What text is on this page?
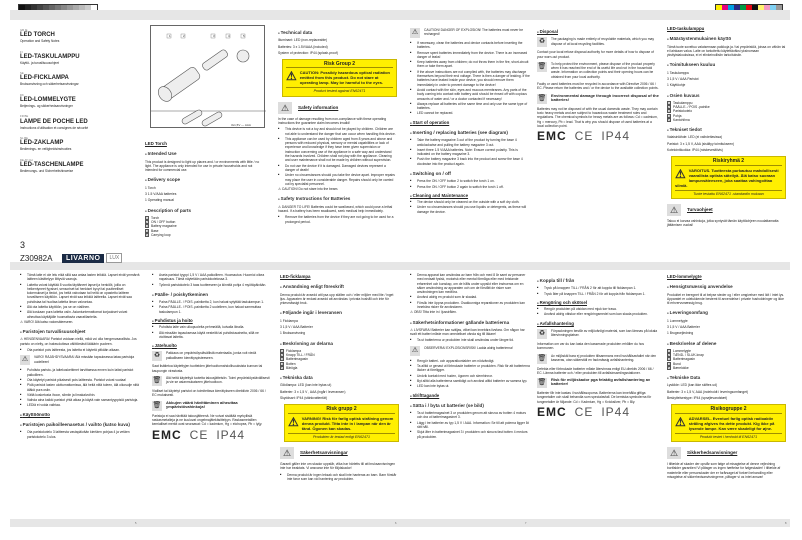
GB IE
LED TORCH
Operation and Safety Notes
FI
LED-TASKULAMPPU
Käyttö- ja turvallisuusohjeet
SE
LED-FICKLAMPA
Bruksanvisning och säkerhetsanvisningar
DK
LED-LOMMELYGTE
Betjenings- og sikkerhedsanvisninger
FR BE
LAMPE DE POCHE LED
Instructions d'utilisation et consignes de sécurité
NL BE
LED-ZAKLAMP
Bedienings- en veiligheidsinstructies
DE AT CH
LED-TASCHENLAMPE
Bedienungs- und Sicherheitshinweise
1	2	3	4	5
3x1,5V — AAA
3
Z30982A	LIVARNO	LUX
LED Torch
● Intended Use

This product is designed to light up places and / or environments with little / no light. The appliance is only intended for use in private households and not intended for commercial use.

● Delivery scope

1 Torch

3 1.5 V/AAA batteries

1 Operating manual

● Description of parts
1 Torch
2 ON / OFF button
3 Battery magazine
4 Base
5 Carrying loop
● Technical data

Illuminant: LED (non-replaceable)

Batteries: 3 x 1.5V/AAA (included)

System of protection: IP44 (splash-proof)

Risk Group 2
⚠ CAUTION: Possibly hazardous optical radiation emitted from this product. Do not stare at operating lamp. May be harmful to the eyes.
Product tested against EN62471
⚠	Safety information

In the case of damage resulting from non-compliance with these operating instructions the guarantee claim becomes invalid!

■ This device is not a toy and should not be played by children. Children are not able to understand the danger that can occur when handling this device.
■ This appliance can be used by children aged from 8 years and above and persons with reduced physical, sensory or mental capabilities or lack of experience and knowledge if they have been given supervision or instruction concerning use of the appliance in a safe way and understand the hazards involved. Children shall not play with the appliance. Cleaning and user maintenance shall not be made by children without supervision.
■ Do not use the device if it is damaged. Damaged devices represent a danger of death!
■ Under no circumstances should you take the device apart. Improper repairs may place the user in considerable danger. Repairs should only be carried out by specialist personnel.

⚠ CAUTION! Do not stare into the beam.

● Safety Instructions for Batteries

⚠ DANGER TO LIFE! Batteries could be swallowed, which could pose a lethal hazard. If a battery has been swallowed, seek medical help immediately.

■ Remove the batteries from the device if they are not going to be used for a prolonged period.
⚠	CAUTION! DANGER OF EXPLOSION! The batteries must never be recharged!
■ If necessary, clean the batteries and device contacts before inserting the batteries.
■ Remove spent batteries immediately from the device. There is an increased danger of leaks!
■ Keep batteries away from children; do not throw them in the fire, short-circuit them or take them apart.
■ If the above instructions are not complied with, the batteries may discharge themselves beyond their end voltage. There is then a danger of leaking. If the batteries have leaked inside your device, you should remove them immediately in order to prevent damage to the device!
■ Avoid contact with the skin, eyes and mucous membranes. Any parts of the body coming into contact with battery acid should be rinsed off with copious amounts of water and / or a doctor contacted if necessary!
■ Always replace all batteries at the same time and only use the same type of batteries.
■ LED cannot be replaced.
● Start of operation
● Inserting / replacing batteries (see diagram)
■ Take the battery magazine 3 out of the product by turning the base 4 anticlockwise and pulling the battery magazine 3 out.
■ Insert three 1.5 V/AAA batteries. Note: Ensure correct polarity. This is indicated on the battery magazine 3.
■ Push the battery magazine 3 back into the product and screw the base 4 clockwise into the product again.
● Switching on / off
■ Press the ON / OFF button 2 to switch the torch 1 on.
■ Press the ON / OFF button 2 again to switch the torch 1 off.
● Cleaning and Maintenance
■ The device should only be cleaned on the outside with a soft dry cloth.
■ Under no circumstances should you use liquids or detergents, as these will damage the device.
● Disposal
♻	The packaging is made entirely of recyclable materials, which you may dispose of at local recycling facilities.

Contact your local refuse disposal authority for more details of how to dispose of your worn-out product.

🗑 To help protect the environment, please dispose of the product properly when it has reached the end of its useful life and not in the household waste. Information on collection points and their opening hours can be obtained from your local authority.

Faulty or used batteries must be recycled in accordance with Directive 2006 / 66 / EC. Please return the batteries and / or the device to the available collection points.

🗑 Environmental damage through incorrect disposal of the batteries!

Batteries may not be disposed of with the usual domestic waste. They may contain toxic heavy metals and are subject to hazardous waste treatment rules and regulations. The chemical symbols for heavy metals are as follows: Cd = cadmium, Hg = mercury, Pb = lead. That is why you should dispose of used batteries at a local collection point.

EMC CE IP44
LED-taskulamppu
● Määräystenmukainen käyttö

Tämä tuote soveltuu valaisemaan paikkoja ja / tai ympäristöä, joissa on vähän tai ei lainkaan valoa. Laite on tarkoitettu käytettäväksi yksinomaan yksityistalouksissa, ei ei elinkeinollisiin tarkoituksiin.

● Toimitukseen kuuluu

1 Taskulamppu

3 1,5 V / AAA Paristot

1 Käyttöohje

● Osien kuvaus
1 Taskulamppu
2 PÄÄLLE- / POIS -painike
3 Paristokotelo
4 Pohja
5 Kantohihna
● Tekniset tiedot

Valaisinlähde: LED (ei vaihdettavissa)

Paristot: 3 x 1,5 V, AAA (sisältyy toimitukseen)

Kotelointiluokka: IP44 (roiskevesitiivis)

Riskiryhmä 2
⚠ VAROITUS. Tuotteesta purkautuu mahdollisesti vaarallista optista säteilyä. Älä katso suoraan lampunsäteeseen, joka saattaa vahingoittaa silmiä.
Tuote testattu EN62471 -standardin mukaan
⚠	Turvaohjeet

Takuu ei korvaa vahinkoja, jotka syntyvät tämän käyttöohjeen noudattamatta jättämisen vuoksi!

■ Tämä laite ei ole lelu eikä sillä saa antaa lasten leikkiä. Lapset eivät ymmärrä laitteen käsittelyyn liittyviä vaaroja.
■ Laitetta voivat käyttää 8 vuotta täyttäneet lapset ja henkilöt, joilla on heikentyneet fyysiset, sensoriset tai henkiset kyvyt tai puutteelliset kokemukset ja tiedot, jos heitä valvotaan tai heitä on opastettu laitteen turvalliseen käyttöön. Lapset eivät saa leikkiä laitteella. Lapset eivät saa puhdistaa tai huoltaa laitetta ilman valvontaa.
■ Älä ota laitetta käyttöön, jos se on viallinen.
■ Älä koskaan pura laitetta osiin. Asiantuntemattomat korjaukset voivat aiheuttaa käyttäjälle huomattavia vaaratilanteita.

⚠ VARO! Älä katso valonsäteeseen.

● Paristojen turvallisuusohjeet

⚠ HENGENVAARA! Paristot voidaan niellä, mikä voi olla hengenvaarallista. Jos paristo on nielty, on hakeuduttava välittömästi lääkärin puoleen.

■ Ota paristot pois laitteesta, jos laitetta ei käytetä pitkään aikaan.
⚠	VARO! RÄJÄHDYSVAARA! Älä missään tapauksessa lataa paristoja uudelleen!
■ Puhdista paristo- ja laitekoskettimet tarvittaessa ennen kuin laitat paristot paikoilleen.
■ Ota käytetyt paristot pikaisesti pois laitteesta. Paristot voivat vuotaa!
■ Pidä paristot lasten ulottumattomissa, älä heitä niitä tuleen, älä oikosulje niitä äläkä pura osiin.
■ Vältä kosketusta ihoon, silmiin ja limakalvoihin.
■ Vaihda aina kaikki paristot yhtä aikaa ja käytä vain samantyyppisiä paristoja.
■ LEDiä ei voida vaihtaa.
● Käyttöönotto
● Paristojen paikoilleenasetus / vaihto (katso kuva)
■ Ota paristokotelo 3 laitteesta vastapäivään kiertäen pohjaa 4 ja vetäen paristokotelo 3 ulos.
■ Aseta paristot tyyppi 1,5 V / AAA paikoilleen. Huomautus: Huomioi oikea napaisuus. Tämä näytetään paristokotelossa 3.
■ Työnnä paristokotelo 3 taas tuotteeseen ja kiinnitä pohja 4 myötäpäivään.
● Päälle- / poiskytkeminen
■ Paina PÄÄLLE- / POIS -painiketta 2, kun haluat sytyttää taskulampun 1.
■ Paina PÄÄLLE- / POIS -painiketta 2 uudelleen, kun haluat sammuttaa taskulampun 1.
● Puhdistus ja hoito
■ Puhdista laite vain ulkopuolelta pehmeällä, kuivalla liinalla.
■ Älä missään tapauksessa käytä nesteitä tai puhdistusaineita, sillä ne vioittavat laitetta.
● Jätehuolto
♻	Pakkaus on ympäristöystävällistä materiaalia, jonka voit viedä paikalliseen kierrätyspisteeseen.

Saat lisätietoa käytettyjen tuotteiden jätehuoltomahdollisuuksista kunnan tai kaupungin virastosta.

🗑 Älä heitä käytettyä tuotetta talousjätteisiin. Toimi ympäristöystävällisesti ja vie se asianmukaiseen jätehuoltoon.

Vialliset tai käytetyt paristot on toimitettava kierrätykseen direktiivin 2006 / 66 / EC mukaisesti.

🗑 Akkujen väärä hävittäminen aiheuttaa ympäristövahinkoja!

Paristoja ei saa hävittää talousjätteenä. Ne voivat sisältää myrkyllisiä raskasmetalleja ja ne kuuluvat ongelmajätekäsittelyyn. Raskasmetallien kemialliset merkit ovat seuraavat: Cd = kadmium, Hg = elohopea, Pb = lyijy.

EMC CE IP44
LED-ficklampa
● Användning enligt föreskrift

Denna produkt är avsedd att lysa upp ställen och / eller miljöer med lite / inget ljus. Apparaten är endast avsedd att användas i privata hushåll och inte för yrkesmässigt bruk.

● Följande ingår i leveransen

1 Ficklampa

3 1,5 V / AAA Batterier

1 Bruksanvisning

● Beskrivning av delarna
1 Ficklampa
2 Knapp TILL / FRÅN
3 Batterimagasin
4 Botten
5 Bärögla
● Tekniska data

Glödlampa: LED (kan inte bytas ut)

Batterier: 3 x 1,5 V , AAA (ingår i leveransen)

Skyddsart: IP44 (stänkvattentät)

Risk grupp 2
⚠ VARNING! Risk för farlig optisk strålning genom denna produkt. Titta inte in i lampan när den är tänd. Ögonen kan skadas.
Produkten är testad enligt EN62471
⚠	Säkerhetsanvisningar

Garanti gäller inte om skador uppstår, vilka har härletts till att bruksanvisningen inte har beaktats. Vi ansvarar inte för följdskador!

■ Denna produkt är ingen leksak och skall inte hanteras av barn. Barn förstår inte faror som kan vid hantering av produkten.
■ Denna apparat kan användas av barn från och med 8 år samt av personer med nedsatt fysisk, motorisk eller mental förmåga eller med bristande erfarenhet och kunskap, om de hålls under uppsikt eller instrueras om en säker användning av apparaten och om de förstått de risker som användningen kan medföra.
■ Använd aldrig en produkt som är skadad.
■ Försök inte öppna produkten. Osakkunniga reparationer av produkten kan innebära risker för användaren.

⚠ OBS! Titta inte in i ljusstrålen.

● Säkerhetsinformationer gällande batterierna

⚠ LIVSFARA! Batterier kan sväljas, vilket kan innebära livsfara. Om någon har svalt ett batteri måste man omedelbart vända sig till läkare!

■ Ta ut batterierna ur produkten inte skall användas under längre tid.
⚠	OBSERVERA! EXPLOSIONSRISK! Ladda aldrig batterierna!
■ Rengör batteri- och apparatkontakter om nödvändigt.
■ Ta alltid ur genast ut förbrukade batterier ur produkten. Risk för att batterierna läcker ut föreligger.
■ Undvik kontakt med huden, ögonen och slemhinnor.
■ Byt alltid alla batterierna samtidigt och använd alltid batterier av samma typ.
■ LED kan inte bytas ut.
● Idrifttagande
● Sätta i / byta ut batterier (se bild)
■ Ta ut batterimagasinet 3 ur produkten genom att skruva av botten 4 moturs och dra ut batterimagasinet 3.
■ Lägg i tre batterier av typ 1,5 V / AAA. Information: Se till att polerna ligger åt rätt håll.
■ Skjut åter in batterimagasinet 3 i produkten och skruva fast botten 4 medurs på produkten.
● Koppla till / från
■ Tryck på knappen TILL / FRÅN 2 för att koppla till ficklampan 1.
■ Tryck åter på knappen TILL / FRÅN 2 för att koppla från ficklampan 1.
● Rengöring och skötsel
■ Rengör produkten på utsidan med mjuk torr trasa.
■ Använd aldrig vätskor eller rengöringsmedel som kan skada produkten.
● Avfallshantering
♻	Förpackningen består av miljövänligt material, som kan lämnas på lokala återvinningsplatser.

Information om var du kan lasta den kasserade produkten erhåller du hos kommunen.

🗑 Av miljöskäl bara ej produkten tillsammans med hushållsavfallet när den kasseras, utan säkerställ en fackmässig avfallshantering.

Defekta eller förbrukade batterier måste återvinnas enligt EU-direktiv 2006 / 66 / EC. Lämna batterier och / eller produkten till avfallsinsamlingsstationer.

🗑 Risk för miljöskador pga felaktig avfallshantering av batterier!

Batterier får inte kastas i hushållssoporna. Batterierna kan innehålla giftiga tungmetaller och skall behandla som specialavfall. De kemiska symbolerna för tungmetaller är följande: Cd = Kadmium, Hg = Kvicksilver, Pb = Bly.

EMC CE IP44
LED-lommelygte
● Hensigtsmæssig anvendelse

Produktet er beregnet til at belyse steder og / eller omgivelser med lidt / intet lys. Apparatet er udelukkende bestemt til anvendelse i private husholdninger og ikke til erhvervsmæssig brug.

● Leveringsomfang

1 Lommelygte

3 1,5 V / AAA Batterier

1 Brugsvejledning

● Beskrivelse af delene
1 Lommelygte
2 TÆND- / SLUK-knap
3 Batterimagasin
4 Bund
5 Bærelokke
● Tekniske Data

Lyskilde: LED (kan ikke skiftes ud)

Batterier: 3 x 1,5 V, AAA (indeholdt i leveringsomfanget)

Beskyttelsestype: IP44 (sprøjtevandstæt)

Risikogruppe 2
⚠ ADVARSEL. Eventuel farlig optisk radioaktiv stråling afgives fra dette produkt. Kig ikke på lysende lampe. Kan være skadeligt for øjne.
Produkt testet i henhold til EN62471
⚠	Sikkerhedsanvisninger

I tilfælde af skader der opstår som følge af misagtelse af denne vejledning bortfalder garantien! Vi påtager os ingen hæftelse for følgeskader! I tilfælde af materielle eller personskader der er forårsaget af forkert behandling eller misagtelse af sikkerhedsanvisningerne, påtager vi os intet ansvar!

5	6	7	8
